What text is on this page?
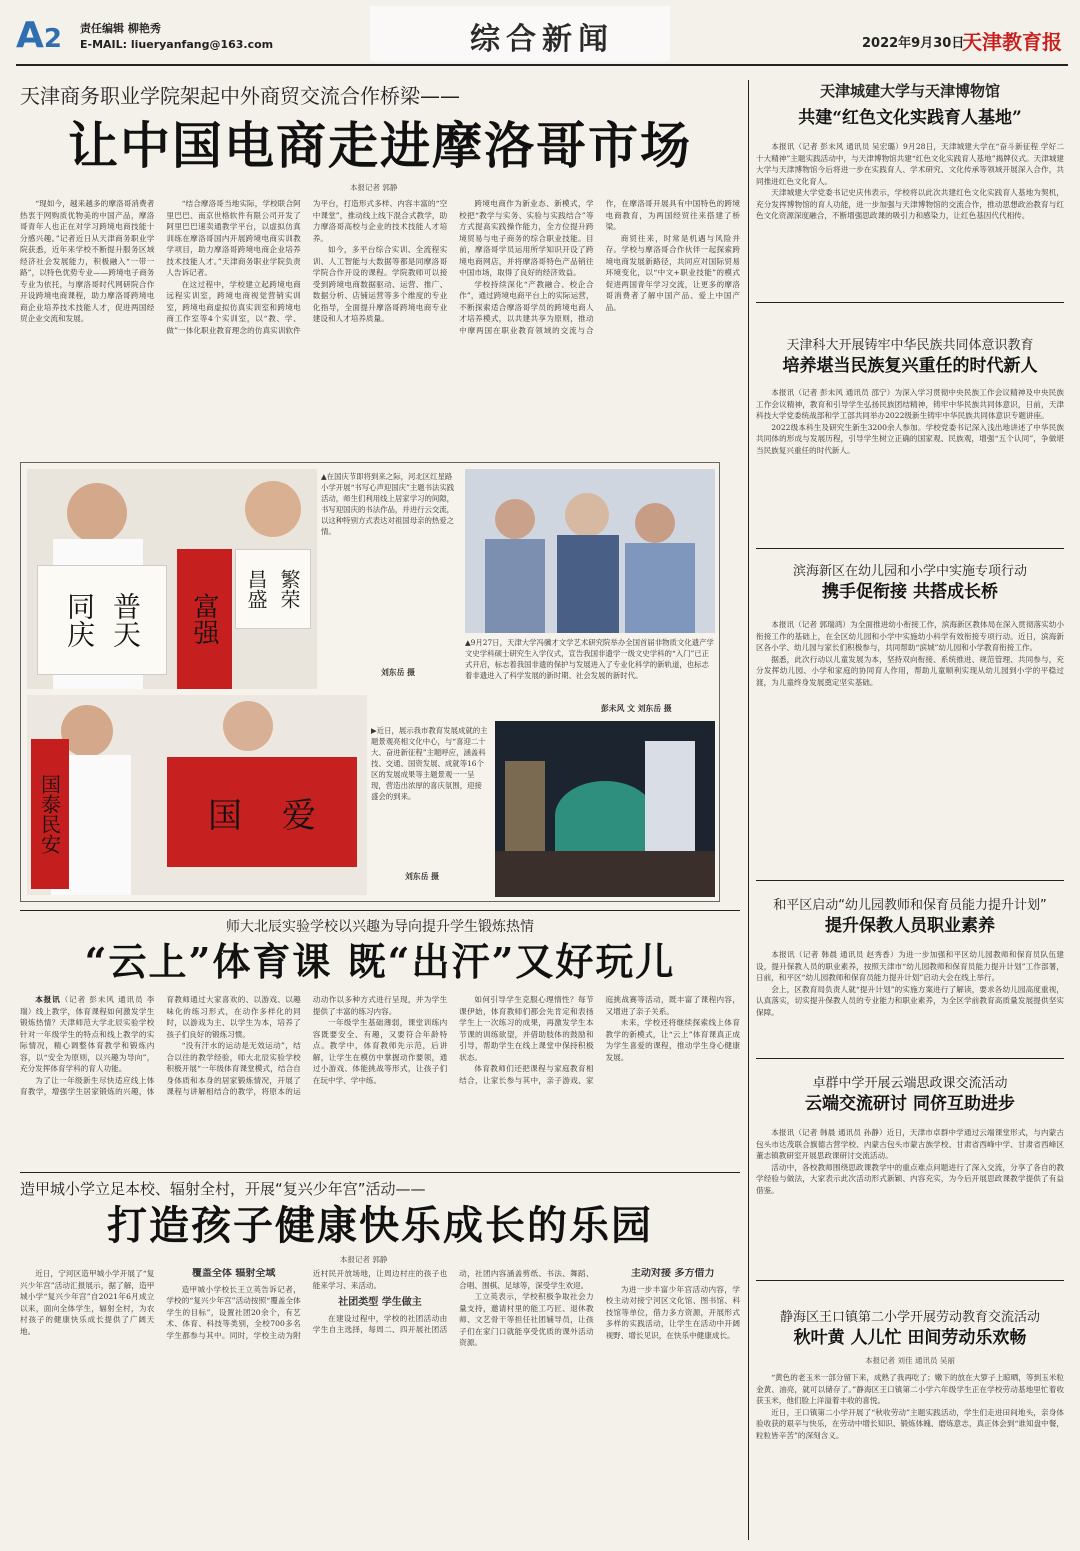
A2 责任编辑 柳艳秀
E-MAIL: liueryanfang@163.com	综合新闻	2022年9月30日
天津教育报
天津商务职业学院架起中外商贸交流合作桥梁——
让中国电商走进摩洛哥市场
本报记者 郭静

“现如今，越来越多的摩洛哥消费者热衷于网购质优物美的中国产品，摩洛哥青年人也正在对学习跨境电商技能十分感兴趣。”记者近日从天津商务职业学院获悉，近年来学校不断提升服务区域经济社会发展能力，积极融入“一带一路”，以特色优势专业——跨境电子商务专业为依托，与摩洛哥时代网研院合作开设跨境电商课程，助力摩洛哥跨境电商企业培养技术技能人才，促进两国经贸企业交流和发展。

“结合摩洛哥当地实际，学校联合阿里巴巴、南京世格软件有限公司开发了阿里巴巴速卖通教学平台，以虚拟仿真训练在摩洛哥国内开展跨境电商实训教学项目，助力摩洛哥跨境电商企业培养技术技能人才。”天津商务职业学院负责人告诉记者。

在这过程中，学校建立起跨境电商远程实训室，跨境电商视觉营销实训室，跨境电商虚拟仿真实训室和跨境电商工作室等4个实训室，以“教、学、做”一体化职业教育理念的仿真实训软件为平台，打造形式多样、内容丰富的“空中课堂”，推动线上线下混合式教学，助力摩洛哥高校与企业的技术技能人才培养。

如今，多平台综合实训、全流程实训、人工智能与大数据等都是同摩洛哥学院合作开设的课程。学院教师可以接受到跨境电商数据驱动、运营、推广、数据分析、店铺运营等多个维度的专业化指导，全面提升摩洛哥跨境电商专业建设和人才培养质量。

跨境电商作为新业态、新模式，学校把“教学与实务、实验与实践结合”等方式提高实践操作能力，全方位提升跨境贸易与电子商务的综合职业技能。目前，摩洛哥学员运用所学知识开设了跨境电商网店，并将摩洛哥特色产品销往中国市场，取得了良好的经济效益。

学校持续深化“产教融合、校企合作”，通过跨境电商平台上的实际运营，不断探索适合摩洛哥学员的跨境电商人才培养模式，以共建共享为原则，推动中摩两国在职业教育领域的交流与合作，在摩洛哥开展具有中国特色的跨境电商教育，为两国经贸往来搭建了桥梁。

商贸往来，时常是机遇与风险并存。学校与摩洛哥合作伙伴一起探索跨境电商发展新路径，共同应对国际贸易环境变化，以“中文+职业技能”的模式促进两国青年学习交流，让更多的摩洛哥消费者了解中国产品、爱上中国产品。

同庆 普天	富强
昌盛 繁荣
▲在国庆节即将到来之际，河北区红星路小学开展“书写心声迎国庆”主题书法实践活动，师生们利用线上居家学习的间隙，书写迎国庆的书法作品，并进行云交流，以这种特别方式表达对祖国母亲的热爱之情。
刘东岳 摄
▲9月27日，天津大学冯骥才文学艺术研究院举办全国首届非物质文化遗产学文史学科硕士研究生入学仪式，宣告我国非遗学一级文史学科的“入门”已正式开启，标志着我国非遗的保护与发展进入了专业化科学的新轨道，也标志着非遗进入了科学发展的新时期、社会发展的新时代。
彭未风 文 刘东岳 摄
国泰民安	国 爱
▶近日，展示我市教育发展成就的主题景观亮相文化中心，与“喜迎二十大、奋进新征程”主题呼应，涵盖科技、交通、国资发展、成就等16个区的发展成果等主题景观一一呈现，营造出浓厚的喜庆氛围，迎接盛会的到来。
刘东岳 摄
师大北辰实验学校以兴趣为导向提升学生锻炼热情
“云上”体育课 既“出汗”又好玩儿

本报讯（记者 彭未风 通讯员 李 瑞）线上教学，体育课程如何激发学生锻炼热情？天津师范大学北辰实验学校针对一年级学生的特点和线上教学的实际情况，精心调整体育教学和锻炼内容，以“安全为原则，以兴趣为导向”，充分发挥体育学科的育人功能。

为了让一年级新生尽快适应线上体育教学，增强学生居家锻炼的兴趣，体育教师通过大家喜欢的、以游戏、以趣味化的练习形式，在动作多样化的同时，以游戏为主、以学生为本，培养了孩子们良好的锻炼习惯。

“没有汗水的运动是无效运动”，结合以往的教学经验，师大北辰实验学校积极开展“一年级体育课堂模式，结合自身体质和本身的居家锻炼情况，开展了课程与讲解相结合的教学，将原本的运动动作以多种方式进行呈现，并为学生提供了丰富的练习内容。

一年级学生基础薄弱，课堂训练内容既要安全、有趣，又要符合年龄特点。教学中，体育教师先示范，后讲解，让学生在模仿中掌握动作要领，通过小游戏、体能挑战等形式，让孩子们在玩中学、学中练。

如何引导学生克服心理惰性？每节课伊始，体育教师们都会先肯定和表扬学生上一次练习的成果，再激发学生本节课的训练欲望，并借助肢体的鼓励和引导，帮助学生在线上课堂中保持积极状态。

体育教师们还把课程与家庭教育相结合，让家长参与其中，亲子游戏、家庭挑战赛等活动，既丰富了课程内容，又增进了亲子关系。

未来，学校还将继续探索线上体育教学的新模式，让“云上”体育课真正成为学生喜爱的课程，推动学生身心健康发展。

造甲城小学立足本校、辐射全村，开展“复兴少年宫”活动——
打造孩子健康快乐成长的乐园
本报记者 郭静

近日，宁河区造甲城小学开展了“复兴少年宫”活动汇报展示，据了解，造甲城小学“复兴少年宫”自2021年6月成立以来，面向全体学生，辐射全村，为农村孩子的健康快乐成长提供了广阔天地。

覆盖全体 辐射全域

造甲城小学校长王立英告诉记者，学校的“复兴少年宫”活动按照“覆盖全体学生的目标”，设置社团20余个，有艺术、体育、科技等类别，全校700多名学生都参与其中。同时，学校主动为附近村民开放场地，让周边村庄的孩子也能来学习、来活动。

社团类型 学生做主

在建设过程中，学校的社团活动由学生自主选择，每周二、四开展社团活动，社团内容涵盖剪纸、书法、舞蹈、合唱、围棋、足球等，深受学生欢迎。

工立英表示，学校积极争取社会力量支持，邀请村里的能工巧匠、退休教师、文艺骨干等担任社团辅导员，让孩子们在家门口就能享受优质的课外活动资源。

主动对接 多方借力

为进一步丰富少年宫活动内容，学校主动对接宁河区文化馆、图书馆、科技馆等单位，借力多方资源，开展形式多样的实践活动，让学生在活动中开阔视野、增长见识，在快乐中健康成长。

天津城建大学与天津博物馆
共建“红色文化实践育人基地”

本报讯（记者 彭未风 通讯员 吴宏璐）9月28日，天津城建大学在“奋斗新征程 学好二十大精神”主题实践活动中，与天津博物馆共建“红色文化实践育人基地”揭牌仪式。天津城建大学与天津博物馆今后将进一步在实践育人、学术研究、文化传承等领域开展深入合作，共同推进红色文化育人。

天津城建大学党委书记史庆伟表示，学校将以此次共建红色文化实践育人基地为契机，充分发挥博物馆的育人功能，进一步加强与天津博物馆的交流合作，推动思想政治教育与红色文化资源深度融合，不断增强思政课的吸引力和感染力，让红色基因代代相传。

天津科大开展铸牢中华民族共同体意识教育
培养堪当民族复兴重任的时代新人

本报讯（记者 彭未风 通讯员 邵宁）为深入学习贯彻中央民族工作会议精神及中央民族工作会议精神，教育和引导学生弘扬民族团结精神，铸牢中华民族共同体意识，日前，天津科技大学党委统战部和学工部共同举办2022级新生铸牢中华民族共同体意识专题讲座。

2022级本科生及研究生新生3200余人参加。学校党委书记深入浅出地讲述了中华民族共同体的形成与发展历程，引导学生树立正确的国家观、民族观，增强“五个认同”，争做堪当民族复兴重任的时代新人。

滨海新区在幼儿园和小学中实施专项行动
携手促衔接 共搭成长桥

本报讯（记者 郭瑞鸿）为全面推进幼小衔接工作，滨海新区教体局在深入贯彻落实幼小衔接工作的基础上，在全区幼儿园和小学中实施幼小科学有效衔接专项行动。近日，滨海新区各小学、幼儿园与家长们积极参与，共同帮助“滨城”幼儿园和小学教育衔接工作。

据悉，此次行动以儿童发展为本，坚持双向衔接、系统推进、规范管理、共同参与，充分发挥幼儿园、小学和家庭的协同育人作用，帮助儿童顺利实现从幼儿园到小学的平稳过渡，为儿童终身发展奠定坚实基础。

和平区启动“幼儿园教师和保育员能力提升计划”
提升保教人员职业素养

本报讯（记者 韩晨 通讯员 赵秀香）为进一步加强和平区幼儿园教师和保育员队伍建设，提升保教人员的职业素养，按照天津市“幼儿园教师和保育员能力提升计划”工作部署，日前，和平区“幼儿园教师和保育员能力提升计划”启动大会在线上举行。

会上，区教育局负责人就“提升计划”的实施方案进行了解读，要求各幼儿园高度重视，认真落实，切实提升保教人员的专业能力和职业素养，为全区学前教育高质量发展提供坚实保障。

卓群中学开展云端思政课交流活动
云端交流研讨 同侪互助进步

本报讯（记者 韩晨 通讯员 孙静）近日，天津市卓群中学通过云端课堂形式，与内蒙古包头市达茂联合旗德古营学校、内蒙古包头市蒙古族学校、甘肃省西峰中学、甘肃省西峰区董志镇教研室开展思政课研讨交流活动。

活动中，各校教师围绕思政课教学中的重点难点问题进行了深入交流，分享了各自的教学经验与做法，大家表示此次活动形式新颖、内容充实，为今后开展思政课教学提供了有益借鉴。

静海区王口镇第二小学开展劳动教育交流活动
秋叶黄 人儿忙 田间劳动乐欢畅
本报记者 刘佳 通讯员 吴丽

“黄色的老玉米一部分留下来，成熟了我再吃了；嫩下的放在大箩子上晾晒，等到玉米粒金黄、油亮，就可以储存了。”静海区王口镇第二小学六年级学生正在学校劳动基地里忙着收获玉米，他们脸上洋溢着丰收的喜悦。

近日，王口镇第二小学开展了“秋收劳动”主题实践活动，学生们走进田间地头，亲身体验收获的艰辛与快乐，在劳动中增长知识、锻炼体魄、磨炼意志，真正体会到“谁知盘中餐，粒粒皆辛苦”的深刻含义。
